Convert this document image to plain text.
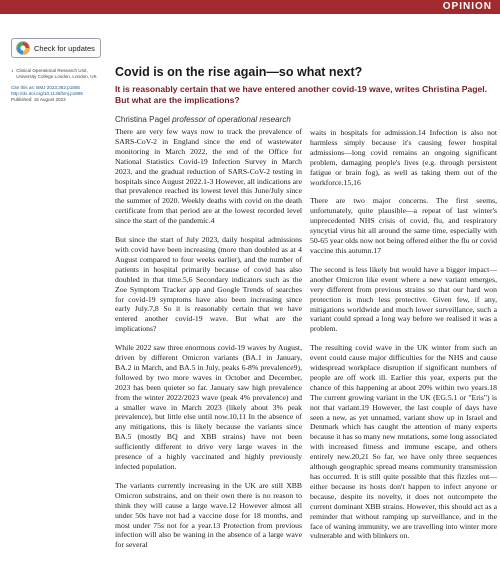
OPINION
Check for updates
1 Clinical Operational Research Unit, University College London, London, UK
Cite this as: BMJ 2023;382:p1885
http://dx.doi.org/10.1136/bmj.p1885
Published: 15 August 2023
Covid is on the rise again—so what next?

It is reasonably certain that we have entered another covid-19 wave, writes Christina Pagel. But what are the implications?

Christina Pagel professor of operational research

There are very few ways now to track the prevalence of SARS-CoV-2 in England since the end of wastewater monitoring in March 2022, the end of the Office for National Statistics Covid-19 Infection Survey in March 2023, and the gradual reduction of SARS-CoV-2 testing in hospitals since August 2022.1-3 However, all indications are that prevalence reached its lowest level this June/July since the summer of 2020. Weekly deaths with covid on the death certificate from that period are at the lowest recorded level since the start of the pandemic.4

But since the start of July 2023, daily hospital admissions with covid have been increasing (more than doubled as at 4 August compared to four weeks earlier), and the number of patients in hospital primarily because of covid has also doubled in that time.5,6 Secondary indicators such as the Zoe Symptom Tracker app and Google Trends of searches for covid-19 symptoms have also been increasing since early July.7,8 So it is reasonably certain that we have entered another covid-19 wave. But what are the implications?

While 2022 saw three enormous covid-19 waves by August, driven by different Omicron variants (BA.1 in January, BA.2 in March, and BA.5 in July, peaks 6-8% prevalence9), followed by two more waves in October and December, 2023 has been quieter so far. January saw high prevalence from the winter 2022/2023 wave (peak 4% prevalence) and a smaller wave in March 2023 (likely about 3% peak prevalence), but little else until now.10,11 In the absence of any mitigations, this is likely because the variants since BA.5 (mostly BQ and XBB strains) have not been sufficiently different to drive very large waves in the presence of a highly vaccinated and highly previously infected population.

The variants currently increasing in the UK are still XBB Omicron substrains, and on their own there is no reason to think they will cause a large wave.12 However almost all under 50s have not had a vaccine dose for 18 months, and most under 75s not for a year.13 Protection from previous infection will also be waning in the absence of a large wave for several

waits in hospitals for admission.14 Infection is also not harmless simply because it's causing fewer hospital admissions—long covid remains an ongoing significant problem, damaging people's lives (e.g. through persistent fatigue or brain fog), as well as taking them out of the workforce.15,16

There are two major concerns. The first seems, unfortunately, quite plausible—a repeat of last winter's unprecedented NHS crisis of covid, flu, and respiratory syncytial virus hit all around the same time, especially with 50-65 year olds now not being offered either the flu or covid vaccine this autumn.17

The second is less likely but would have a bigger impact—another Omicron like event where a new variant emerges, very different from previous strains so that our hard won protection is much less protective. Given few, if any, mitigations worldwide and much lower surveillance, such a variant could spread a long way before we realised it was a problem.

The resulting covid wave in the UK winter from such an event could cause major difficulties for the NHS and cause widespread workplace disruption if significant numbers of people are off work ill. Earlier this year, experts put the chance of this happening at about 20% within two years.18 The current growing variant in the UK (EG.5.1 or "Eris") is not that variant.19 However, the last couple of days have seen a new, as yet unnamed, variant show up in Israel and Denmark which has caught the attention of many experts because it has so many new mutations, some long associated with increased fitness and immune escape, and others entirely new.20,21 So far, we have only three sequences although geographic spread means community transmission has occurred. It is still quite possible that this fizzles out—either because its hosts don't happen to infect anyone or because, despite its novelty, it does not outcompete the current dominant XBB strains. However, this should act as a reminder that without ramping up surveillance, and in the face of waning immunity, we are travelling into winter more vulnerable and with blinkers on.
